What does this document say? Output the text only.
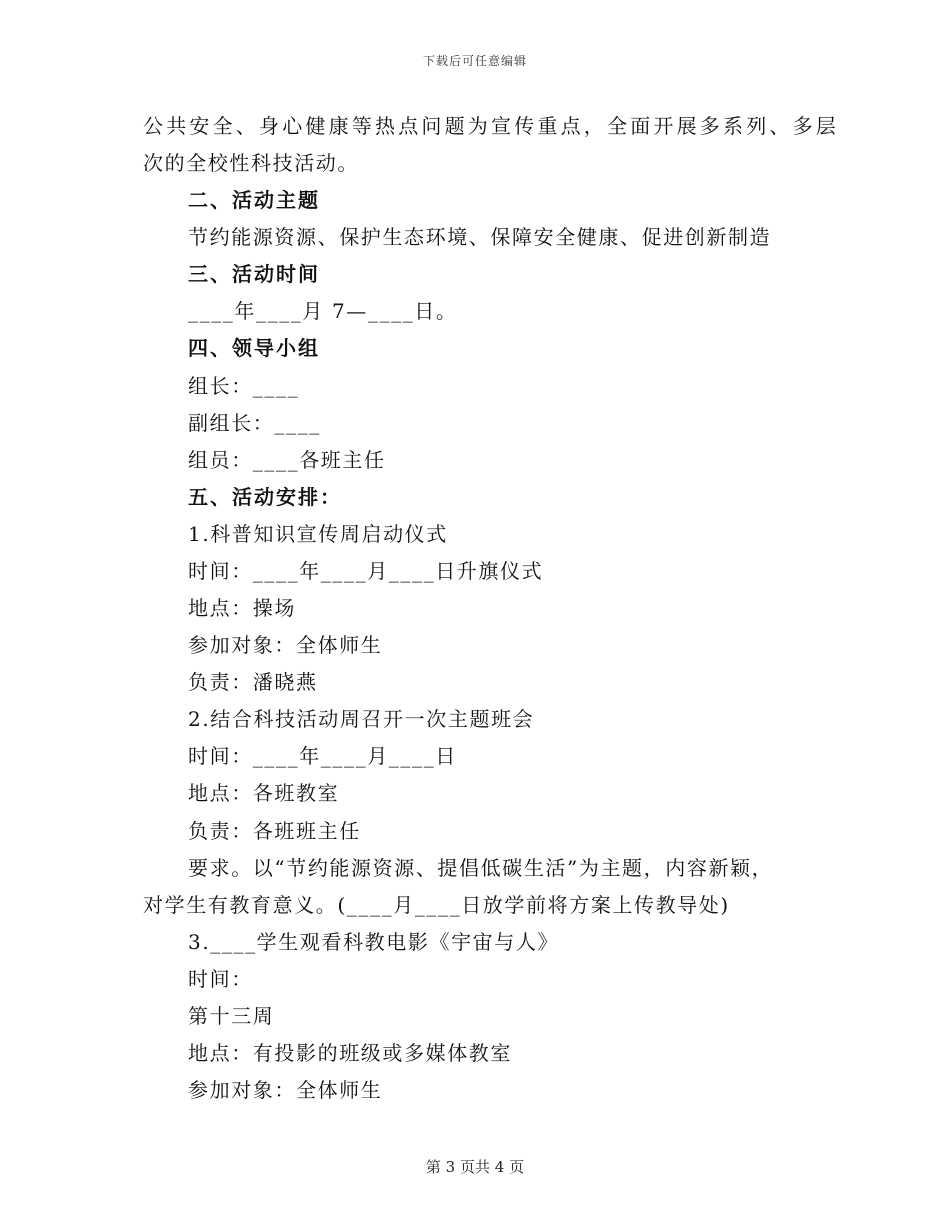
下载后可任意编辑
公共安全、身心健康等热点问题为宣传重点，全面开展多系列、多层
次的全校性科技活动。
二、活动主题
节约能源资源、保护生态环境、保障安全健康、促进创新制造
三、活动时间
____年____月 7—____日。
四、领导小组
组长：____
副组长：____
组员：____各班主任
五、活动安排：
1.科普知识宣传周启动仪式
时间：____年____月____日升旗仪式
地点：操场
参加对象：全体师生
负责：潘晓燕
2.结合科技活动周召开一次主题班会
时间：____年____月____日
地点：各班教室
负责：各班班主任
要求。以“节约能源资源、提倡低碳生活”为主题，内容新颖，
对学生有教育意义。(____月____日放学前将方案上传教导处)
3.____学生观看科教电影《宇宙与人》
时间：
第十三周
地点：有投影的班级或多媒体教室
参加对象：全体师生
第 3 页共 4 页
